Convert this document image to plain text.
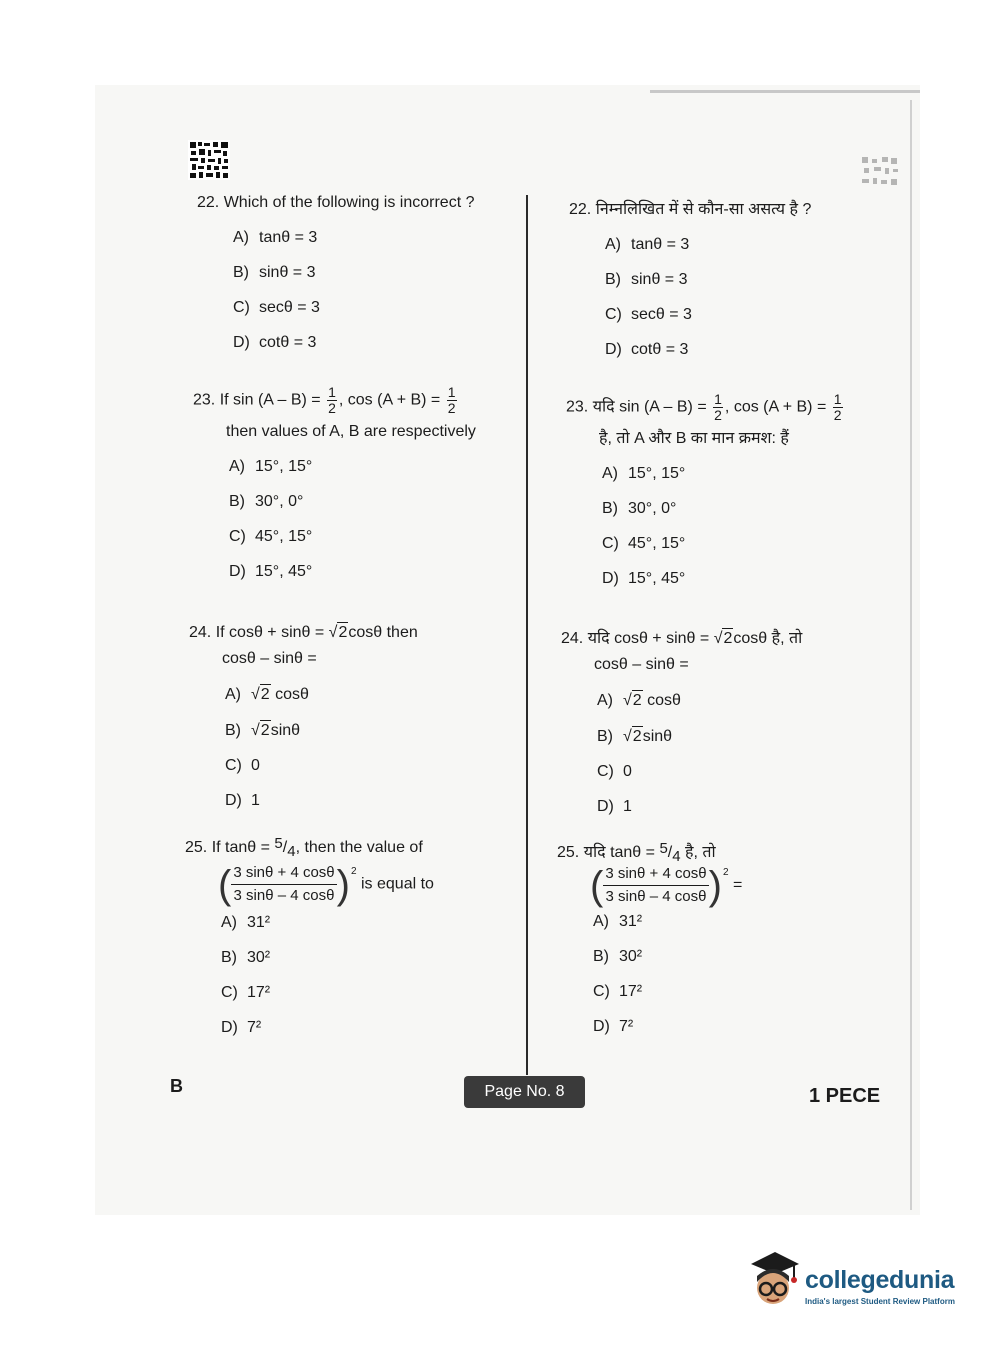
22. Which of the following is incorrect ?
A) tanθ = 3
B) sinθ = 3
C) secθ = 3
D) cotθ = 3
23. If $\sin (A - B) = \frac{1}{2}$ , $\cos (A + B) = \frac{1}{2}$
then values of A, B are respectively
A) 15°, 15°
B) 30°, 0°
C) 45°, 15°
D) 15°, 45°
24. If cosθ + sinθ = √2cosθ then
cosθ – sinθ =
A) √2 cosθ
B) √2sinθ
C) 0
D) 1
25. If tanθ = 5/4, then the value of
( $\frac{3 \sin\theta + 4 \cos\theta}{3 \sin\theta - 4 \cos\theta}$ ) 2
is equal to
A) 31²
B) 30²
C) 17²
D) 7²
22. निम्नलिखित में से कौन-सा असत्य है ?
A) tanθ = 3
B) sinθ = 3
C) secθ = 3
D) cotθ = 3
23. यदि $\sin (A - B) = \frac{1}{2}$ , $\cos (A + B) = \frac{1}{2}$
है, तो A और B का मान क्रमश: हैं
A) 15°, 15°
B) 30°, 0°
C) 45°, 15°
D) 15°, 45°
24. यदि cosθ + sinθ = √2cosθ है, तो
cosθ – sinθ =
A) √2 cosθ
B) √2sinθ
C) 0
D) 1
25. यदि tanθ = 5/4 है, तो
( $\frac{3 \sin\theta + 4 \cos\theta}{3 \sin\theta - 4 \cos\theta}$ ) 2
=
A) 31²
B) 30²
C) 17²
D) 7²
B	Page No. 8	1 PECE
collegedunia
India's largest Student Review Platform
